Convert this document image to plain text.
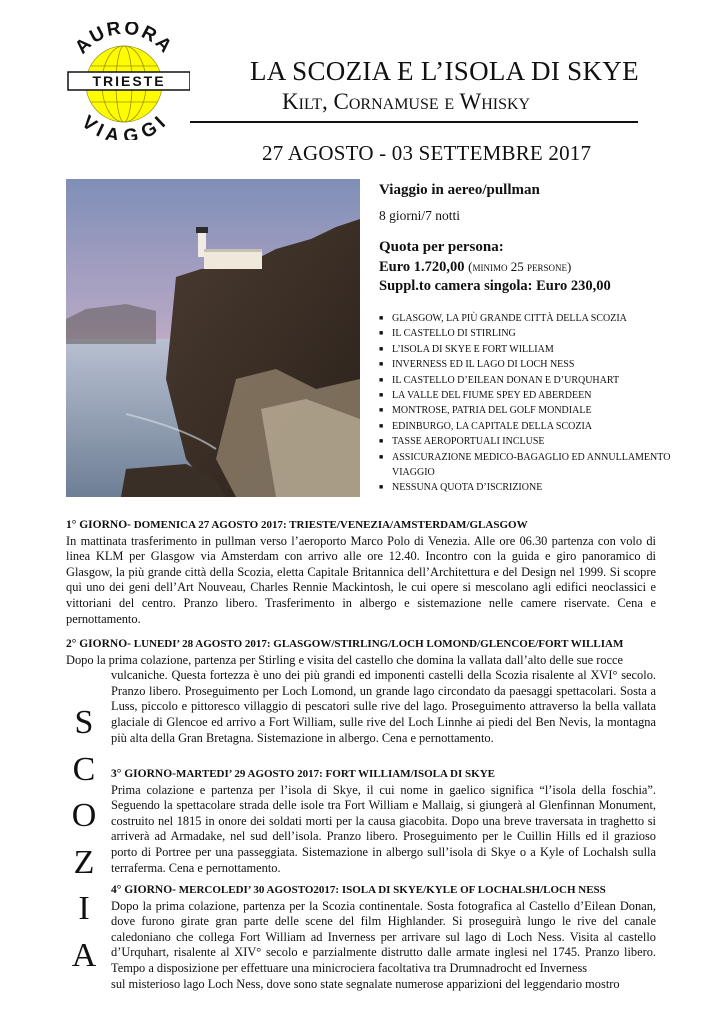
AURORA
TRIESTE
VIAGGI
LA SCOZIA E L’ISOLA DI SKYE
Kilt, Cornamuse e Whisky
27 AGOSTO - 03 SETTEMBRE 2017
Viaggio in aereo/pullman
8 giorni/7 notti
Quota per persona:
Euro 1.720,00 (minimo 25 persone)
Suppl.to camera singola: Euro 230,00
■ GLASGOW, LA PIÙ GRANDE CITTÀ DELLA SCOZIA
■ IL CASTELLO DI STIRLING
■ L’ISOLA DI SKYE E FORT WILLIAM
■ INVERNESS ED IL LAGO DI LOCH NESS
■ IL CASTELLO D’EILEAN DONAN E D’URQUHART
■ LA VALLE DEL FIUME SPEY ED ABERDEEN
■ MONTROSE, PATRIA DEL GOLF MONDIALE
■ EDINBURGO, LA CAPITALE DELLA SCOZIA
■ TASSE AEROPORTUALI INCLUSE
■ ASSICURAZIONE MEDICO-BAGAGLIO ED ANNULLAMENTO VIAGGIO
■ NESSUNA QUOTA D’ISCRIZIONE
1° GIORNO- DOMENICA 27 AGOSTO 2017: TRIESTE/VENEZIA/AMSTERDAM/GLASGOW
In mattinata trasferimento in pullman verso l’aeroporto Marco Polo di Venezia. Alle ore 06.30 partenza con volo di linea KLM per Glasgow via Amsterdam con arrivo alle ore 12.40. Incontro con la guida e giro panoramico di Glasgow, la più grande città della Scozia, eletta Capitale Britannica dell’Architettura e del Design nel 1999. Si scopre qui uno dei geni dell’Art Nouveau, Charles Rennie Mackintosh, le cui opere si mescolano agli edifici neoclassici e vittoriani del centro. Pranzo libero. Trasferimento in albergo e sistemazione nelle camere riservate. Cena e pernottamento.
2° GIORNO- LUNEDI’ 28 AGOSTO 2017: GLASGOW/STIRLING/LOCH LOMOND/GLENCOE/FORT WILLIAM
Dopo la prima colazione, partenza per Stirling e visita del castello che domina la vallata dall’alto delle sue rocce
vulcaniche. Questa fortezza è uno dei più grandi ed imponenti castelli della Scozia risalente al XVI° secolo. Pranzo libero. Proseguimento per Loch Lomond, un grande lago circondato da paesaggi spettacolari. Sosta a Luss, piccolo e pittoresco villaggio di pescatori sulle rive del lago. Proseguimento attraverso la bella vallata glaciale di Glencoe ed arrivo a Fort William, sulle rive del Loch Linnhe ai piedi del Ben Nevis, la montagna più alta della Gran Bretagna. Sistemazione in albergo. Cena e pernottamento.
3° GIORNO-MARTEDI’ 29 AGOSTO 2017: FORT WILLIAM/ISOLA DI SKYE
Prima colazione e partenza per l’isola di Skye, il cui nome in gaelico significa “l’isola della foschia”. Seguendo la spettacolare strada delle isole tra Fort William e Mallaig, si giungerà al Glenfinnan Monument, costruito nel 1815 in onore dei soldati morti per la causa giacobita. Dopo una breve traversata in traghetto si arriverà ad Armadake, nel sud dell’isola. Pranzo libero. Proseguimento per le Cuillin Hills ed il grazioso porto di Portree per una passeggiata. Sistemazione in albergo sull’isola di Skye o a Kyle of Lochalsh sulla terraferma. Cena e pernottamento.
4° GIORNO- MERCOLEDI’ 30 AGOSTO2017: ISOLA DI SKYE/KYLE OF LOCHALSH/LOCH NESS
Dopo la prima colazione, partenza per la Scozia continentale. Sosta fotografica al Castello d’Eilean Donan, dove furono girate gran parte delle scene del film Highlander. Si proseguirà lungo le rive del canale caledoniano che collega Fort William ad Inverness per arrivare sul lago di Loch Ness. Visita al castello d’Urquhart, risalente al XIV° secolo e parzialmente distrutto dalle armate inglesi nel 1745. Pranzo libero. Tempo a disposizione per effettuare una minicrociera facoltativa tra Drumnadrocht ed Inverness
sul misterioso lago Loch Ness, dove sono state segnalate numerose apparizioni del leggendario mostro
S
C
O
Z
I
A
